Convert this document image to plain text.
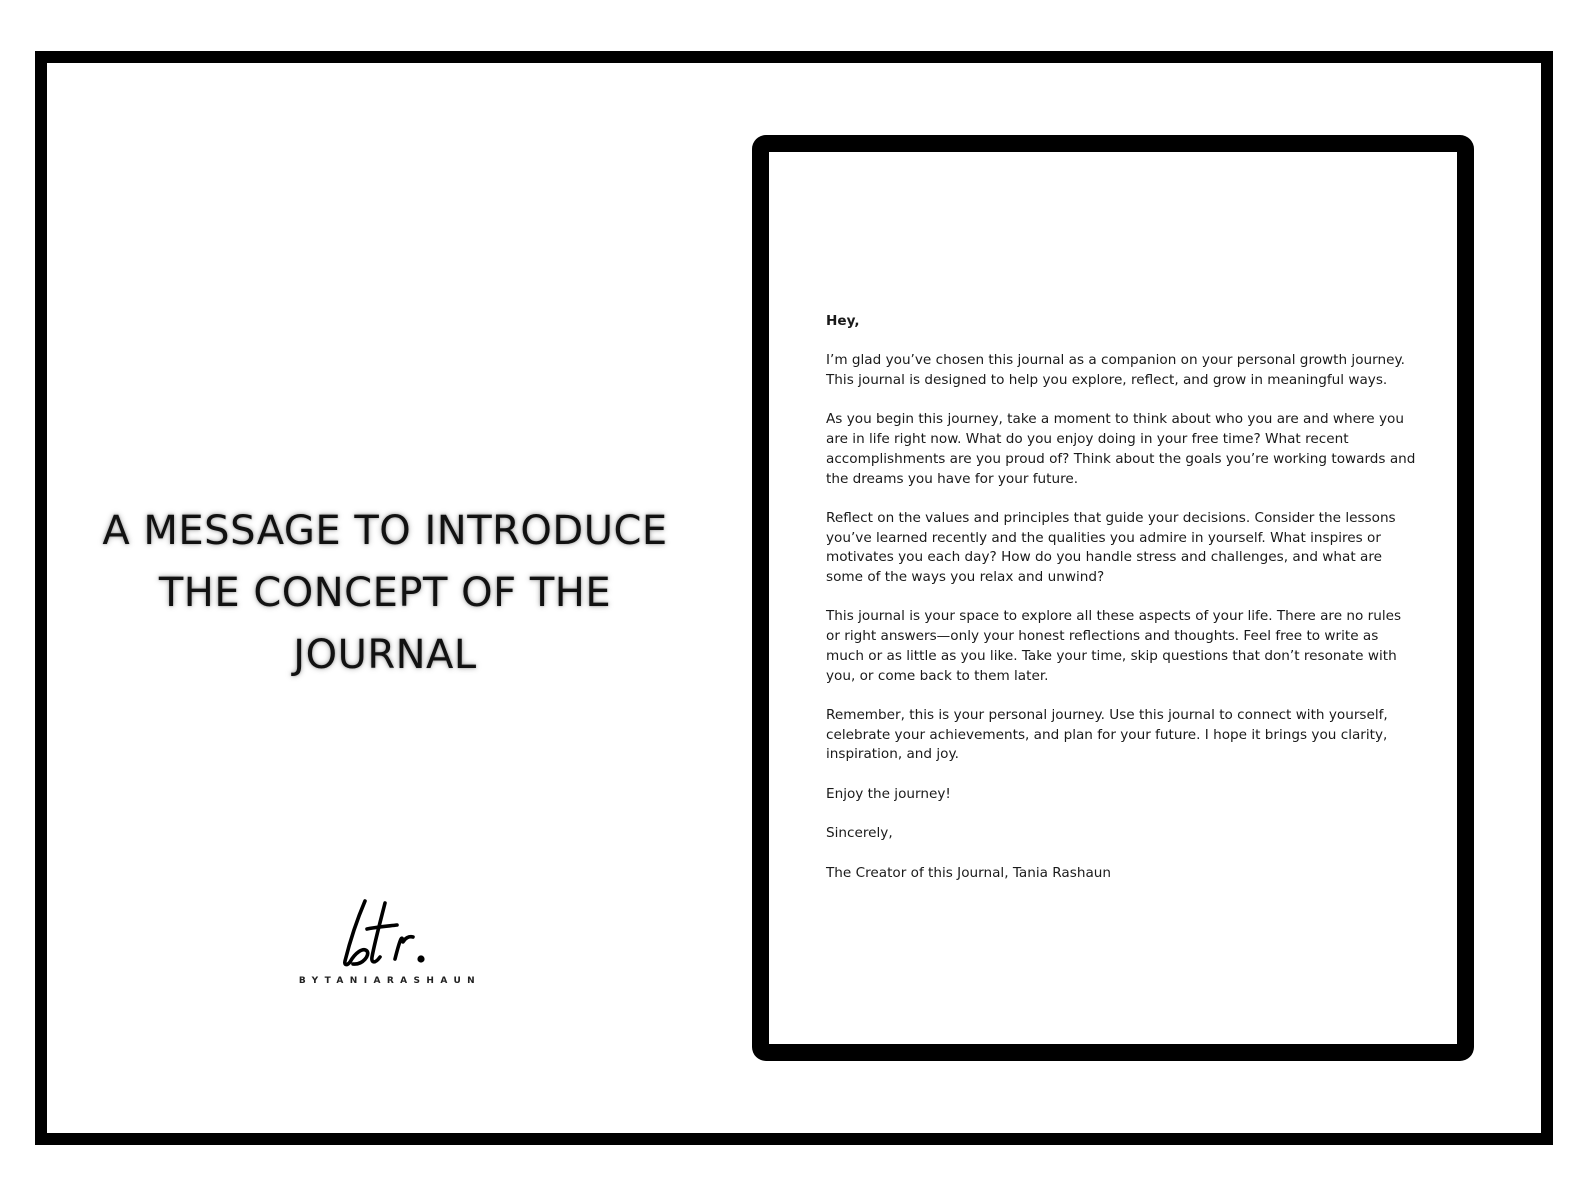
A MESSAGE TO INTRODUCE THE CONCEPT OF THE JOURNAL
BYTANIARASHAUN

Hey,

I’m glad you’ve chosen this journal as a companion on your personal growth journey. This journal is designed to help you explore, reflect, and grow in meaningful ways.

As you begin this journey, take a moment to think about who you are and where you are in life right now. What do you enjoy doing in your free time? What recent accomplishments are you proud of? Think about the goals you’re working towards and the dreams you have for your future.

Reflect on the values and principles that guide your decisions. Consider the lessons you’ve learned recently and the qualities you admire in yourself. What inspires or motivates you each day? How do you handle stress and challenges, and what are some of the ways you relax and unwind?

This journal is your space to explore all these aspects of your life. There are no rules or right answers—only your honest reflections and thoughts. Feel free to write as much or as little as you like. Take your time, skip questions that don’t resonate with you, or come back to them later.

Remember, this is your personal journey. Use this journal to connect with yourself, celebrate your achievements, and plan for your future. I hope it brings you clarity, inspiration, and joy.

Enjoy the journey!

Sincerely,

The Creator of this Journal, Tania Rashaun
